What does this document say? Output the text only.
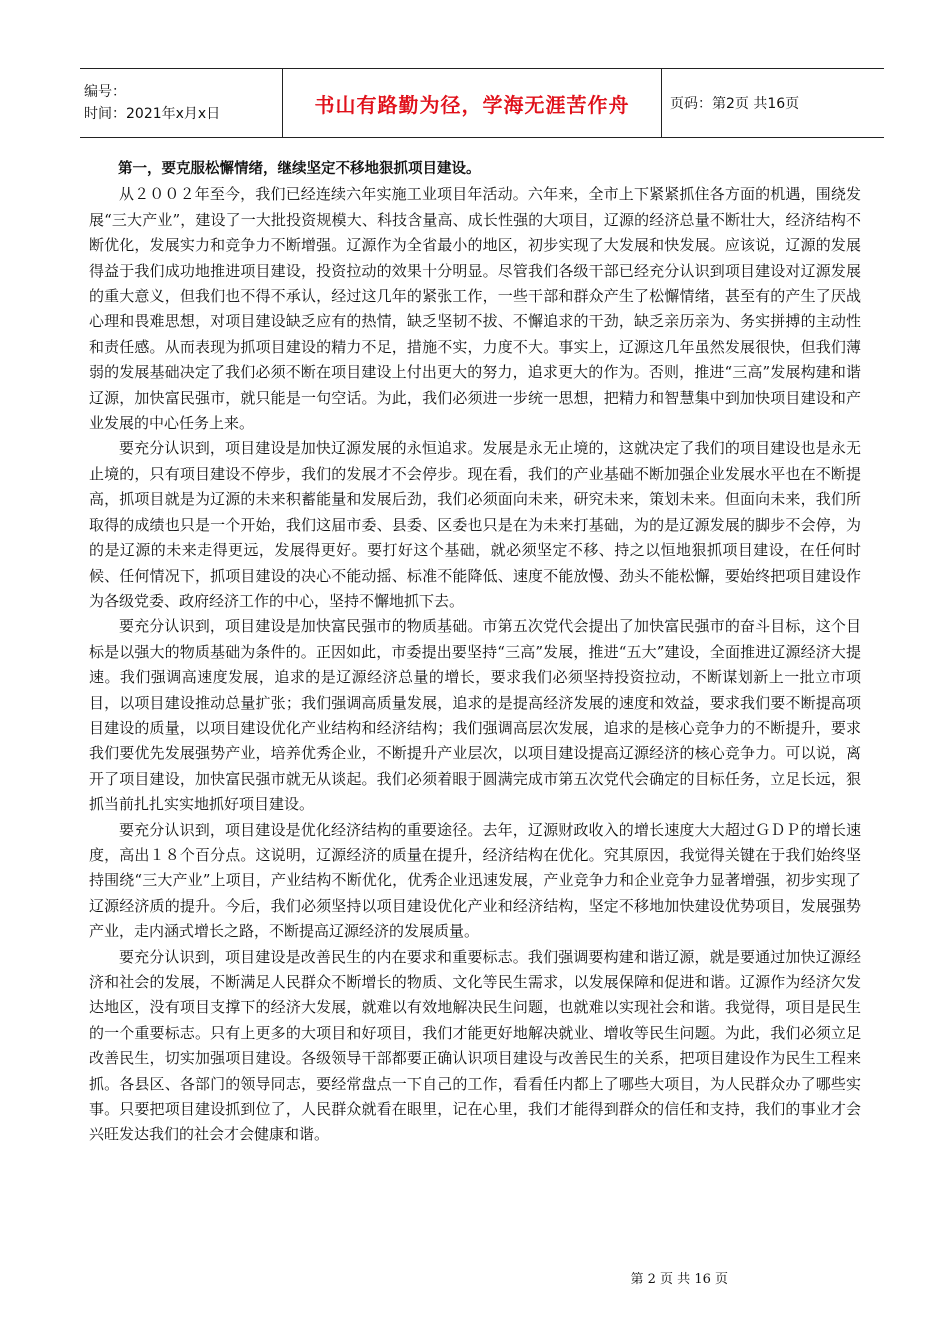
编号：
时间：2021年x月x日	书山有路勤为径，学海无涯苦作舟	页码：第2页 共16页

第一，要克服松懈情绪，继续坚定不移地狠抓项目建设。

从２００２年至今，我们已经连续六年实施工业项目年活动。六年来，全市上下紧紧抓住各方面的机遇，围绕发展“三大产业”，建设了一大批投资规模大、科技含量高、成长性强的大项目，辽源的经济总量不断壮大，经济结构不断优化，发展实力和竞争力不断增强。辽源作为全省最小的地区，初步实现了大发展和快发展。应该说，辽源的发展得益于我们成功地推进项目建设，投资拉动的效果十分明显。尽管我们各级干部已经充分认识到项目建设对辽源发展的重大意义，但我们也不得不承认，经过这几年的紧张工作，一些干部和群众产生了松懈情绪，甚至有的产生了厌战心理和畏难思想，对项目建设缺乏应有的热情，缺乏坚韧不拔、不懈追求的干劲，缺乏亲历亲为、务实拼搏的主动性和责任感。从而表现为抓项目建设的精力不足，措施不实，力度不大。事实上，辽源这几年虽然发展很快，但我们薄弱的发展基础决定了我们必须不断在项目建设上付出更大的努力，追求更大的作为。否则，推进“三高”发展构建和谐辽源，加快富民强市，就只能是一句空话。为此，我们必须进一步统一思想，把精力和智慧集中到加快项目建设和产业发展的中心任务上来。

要充分认识到，项目建设是加快辽源发展的永恒追求。发展是永无止境的，这就决定了我们的项目建设也是永无止境的，只有项目建设不停步，我们的发展才不会停步。现在看，我们的产业基础不断加强企业发展水平也在不断提高，抓项目就是为辽源的未来积蓄能量和发展后劲，我们必须面向未来，研究未来，策划未来。但面向未来，我们所取得的成绩也只是一个开始，我们这届市委、县委、区委也只是在为未来打基础，为的是辽源发展的脚步不会停，为的是辽源的未来走得更远，发展得更好。要打好这个基础，就必须坚定不移、持之以恒地狠抓项目建设，在任何时候、任何情况下，抓项目建设的决心不能动摇、标准不能降低、速度不能放慢、劲头不能松懈，要始终把项目建设作为各级党委、政府经济工作的中心，坚持不懈地抓下去。

要充分认识到，项目建设是加快富民强市的物质基础。市第五次党代会提出了加快富民强市的奋斗目标，这个目标是以强大的物质基础为条件的。正因如此，市委提出要坚持“三高”发展，推进“五大”建设，全面推进辽源经济大提速。我们强调高速度发展，追求的是辽源经济总量的增长，要求我们必须坚持投资拉动，不断谋划新上一批立市项目，以项目建设推动总量扩张；我们强调高质量发展，追求的是提高经济发展的速度和效益，要求我们要不断提高项目建设的质量，以项目建设优化产业结构和经济结构；我们强调高层次发展，追求的是核心竞争力的不断提升，要求我们要优先发展强势产业，培养优秀企业，不断提升产业层次，以项目建设提高辽源经济的核心竞争力。可以说，离开了项目建设，加快富民强市就无从谈起。我们必须着眼于圆满完成市第五次党代会确定的目标任务，立足长远，狠抓当前扎扎实实地抓好项目建设。

要充分认识到，项目建设是优化经济结构的重要途径。去年，辽源财政收入的增长速度大大超过ＧＤＰ的增长速度，高出１８个百分点。这说明，辽源经济的质量在提升，经济结构在优化。究其原因，我觉得关键在于我们始终坚持围绕“三大产业”上项目，产业结构不断优化，优秀企业迅速发展，产业竞争力和企业竞争力显著增强，初步实现了辽源经济质的提升。今后，我们必须坚持以项目建设优化产业和经济结构，坚定不移地加快建设优势项目，发展强势产业，走内涵式增长之路，不断提高辽源经济的发展质量。

要充分认识到，项目建设是改善民生的内在要求和重要标志。我们强调要构建和谐辽源，就是要通过加快辽源经济和社会的发展，不断满足人民群众不断增长的物质、文化等民生需求，以发展保障和促进和谐。辽源作为经济欠发达地区，没有项目支撑下的经济大发展，就难以有效地解决民生问题，也就难以实现社会和谐。我觉得，项目是民生的一个重要标志。只有上更多的大项目和好项目，我们才能更好地解决就业、增收等民生问题。为此，我们必须立足改善民生，切实加强项目建设。各级领导干部都要正确认识项目建设与改善民生的关系，把项目建设作为民生工程来抓。各县区、各部门的领导同志，要经常盘点一下自己的工作，看看任内都上了哪些大项目，为人民群众办了哪些实事。只要把项目建设抓到位了，人民群众就看在眼里，记在心里，我们才能得到群众的信任和支持，我们的事业才会兴旺发达我们的社会才会健康和谐。

第 2 页 共 16 页
